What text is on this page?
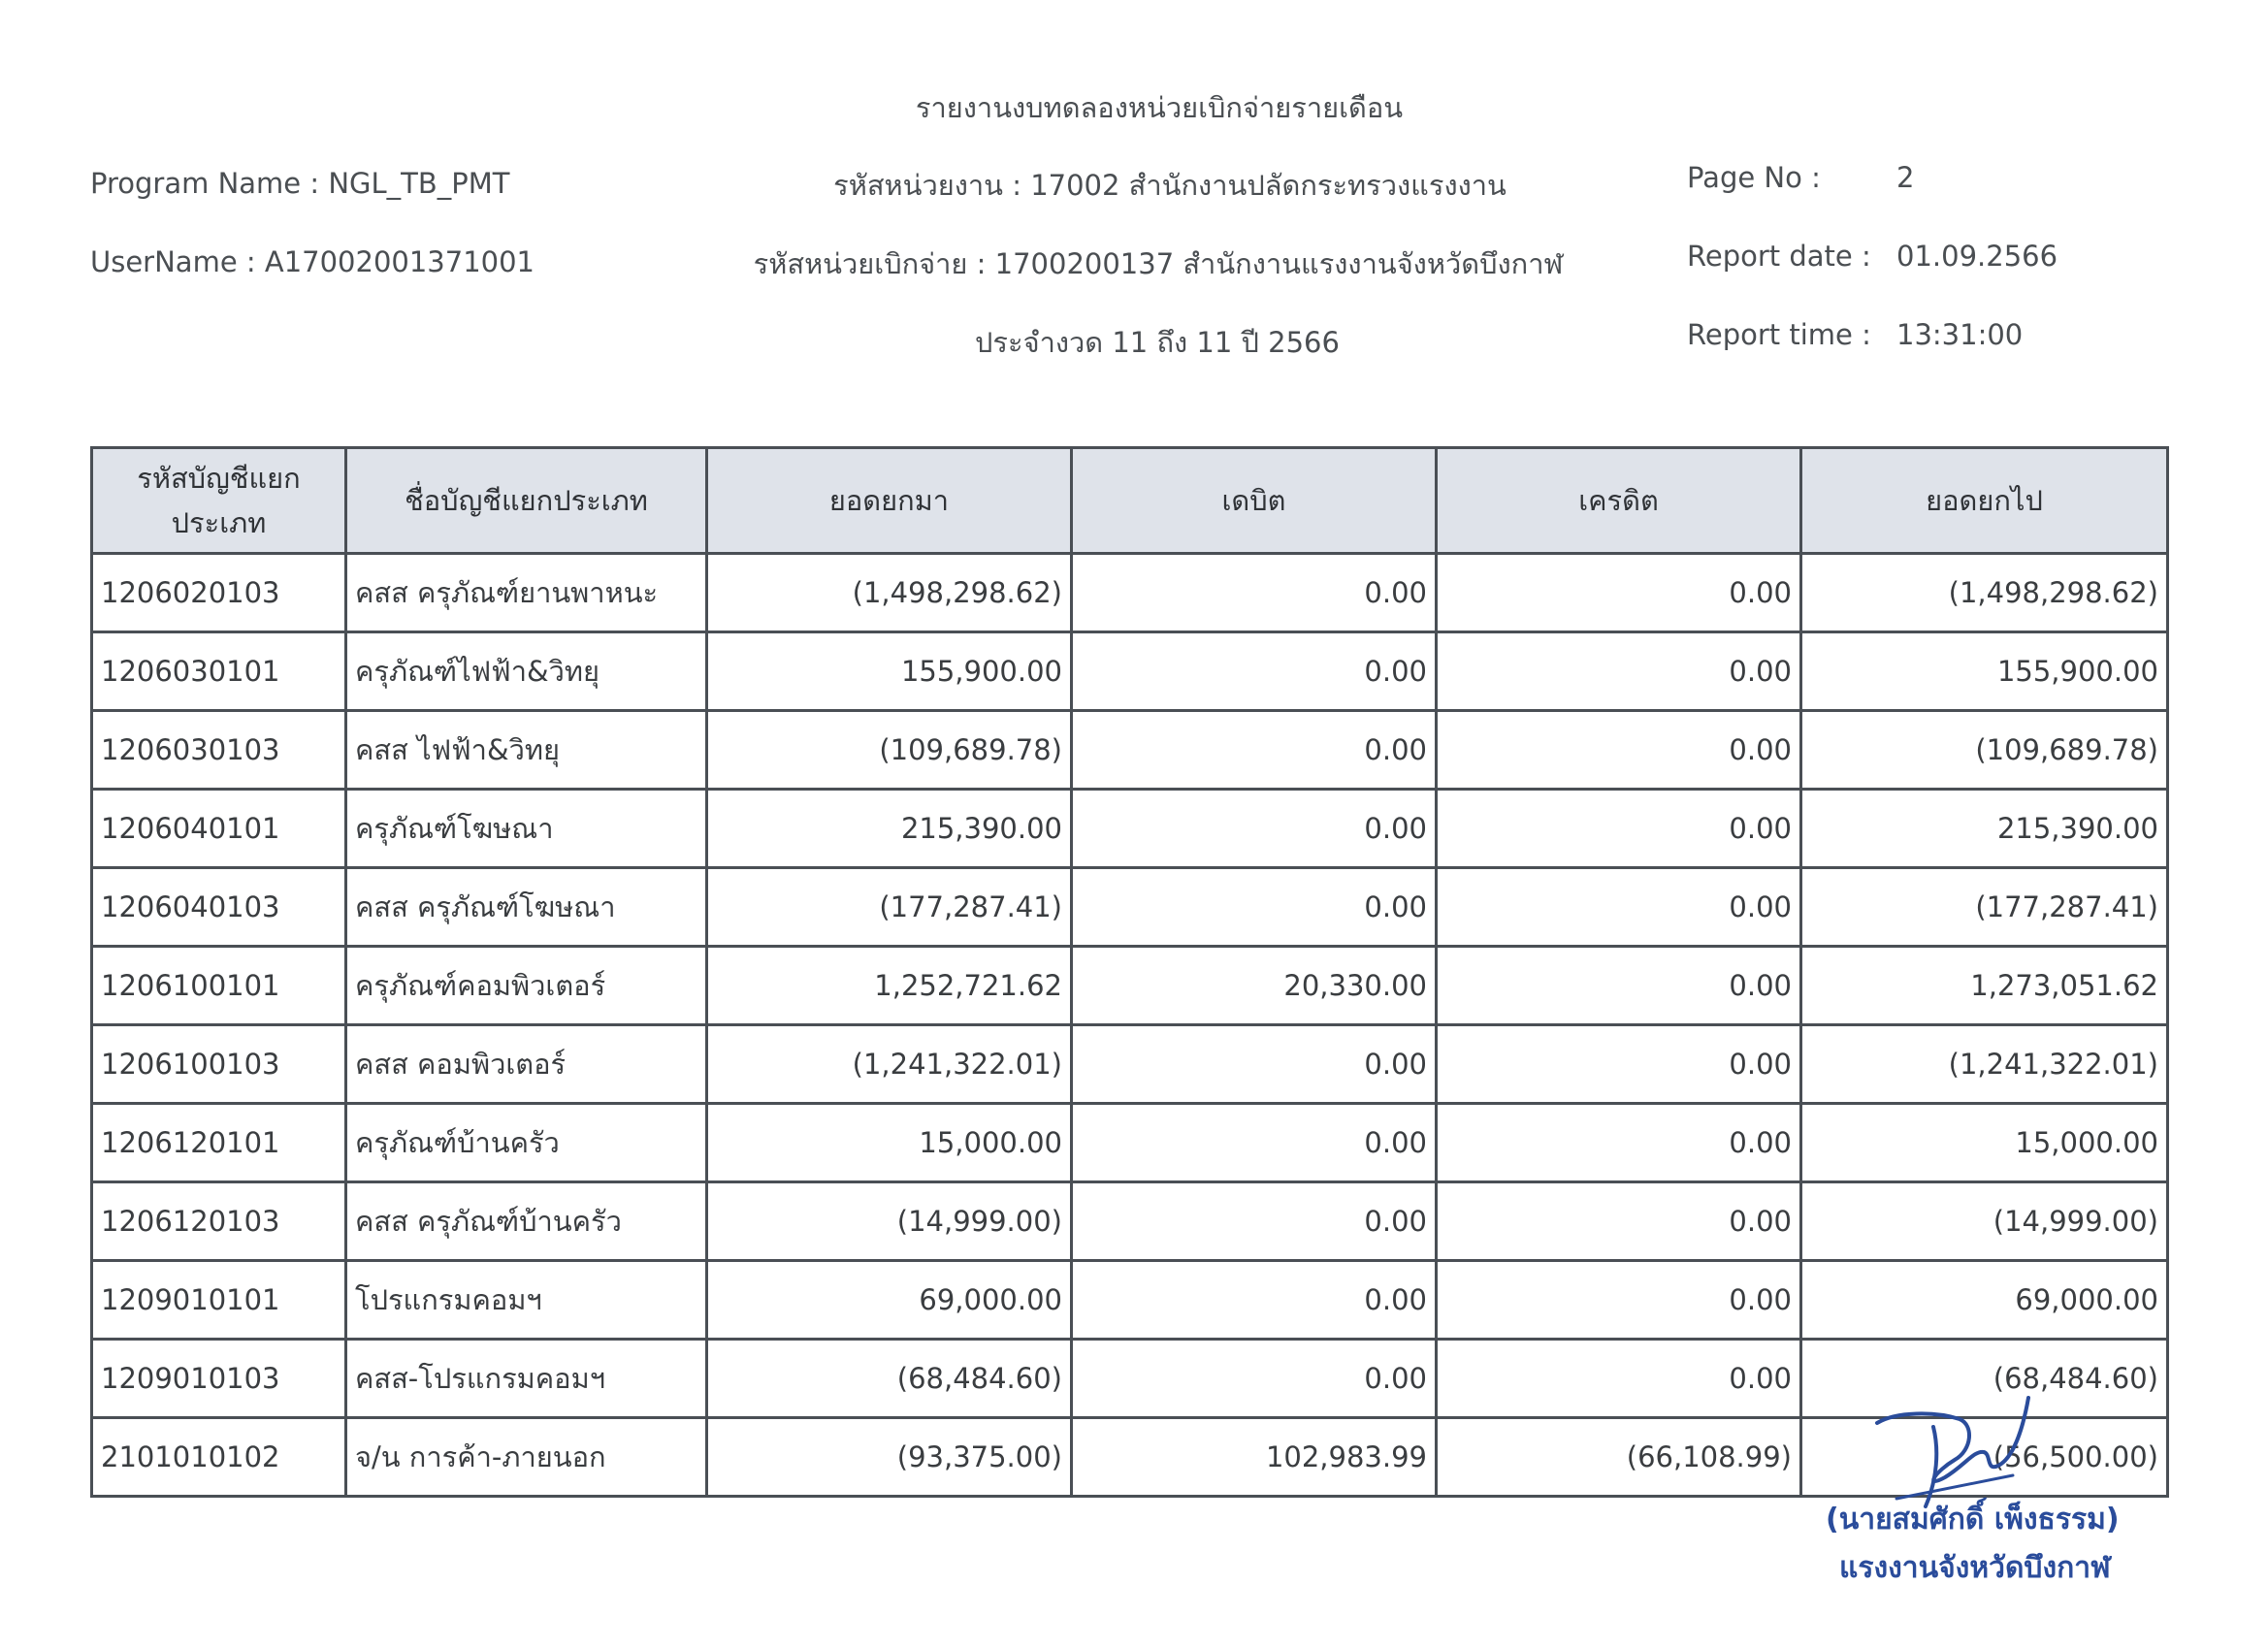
รายงานงบทดลองหน่วยเบิกจ่ายรายเดือน
Program Name : NGL_TB_PMT	รหัสหน่วยงาน : 17002 สำนักงานปลัดกระทรวงแรงงาน	Page No :	2
UserName : A17002001371001	รหัสหน่วยเบิกจ่าย : 1700200137 สำนักงานแรงงานจังหวัดบึงกาฬ	Report date : 01.09.2566
ประจำงวด 11 ถึง 11 ปี 2566	Report time : 13:31:00
รหัสบัญชีแยกประเภท	ชื่อบัญชีแยกประเภท	ยอดยกมา	เดบิต	เครดิต	ยอดยกไป
1206020103	คสส ครุภัณฑ์ยานพาหนะ	(1,498,298.62)	0.00	0.00	(1,498,298.62)
1206030101	ครุภัณฑ์ไฟฟ้า&วิทยุ	155,900.00	0.00	0.00	155,900.00
1206030103	คสส ไฟฟ้า&วิทยุ	(109,689.78)	0.00	0.00	(109,689.78)
1206040101	ครุภัณฑ์โฆษณา	215,390.00	0.00	0.00	215,390.00
1206040103	คสส ครุภัณฑ์โฆษณา	(177,287.41)	0.00	0.00	(177,287.41)
1206100101	ครุภัณฑ์คอมพิวเตอร์	1,252,721.62	20,330.00	0.00	1,273,051.62
1206100103	คสส คอมพิวเตอร์	(1,241,322.01)	0.00	0.00	(1,241,322.01)
1206120101	ครุภัณฑ์บ้านครัว	15,000.00	0.00	0.00	15,000.00
1206120103	คสส ครุภัณฑ์บ้านครัว	(14,999.00)	0.00	0.00	(14,999.00)
1209010101	โปรแกรมคอมฯ	69,000.00	0.00	0.00	69,000.00
1209010103	คสส-โปรแกรมคอมฯ	(68,484.60)	0.00	0.00	(68,484.60)
2101010102	จ/น การค้า-ภายนอก	(93,375.00)	102,983.99	(66,108.99)	(56,500.00)
(นายสมศักดิ์ เพ็งธรรม)
แรงงานจังหวัดบึงกาฬ
